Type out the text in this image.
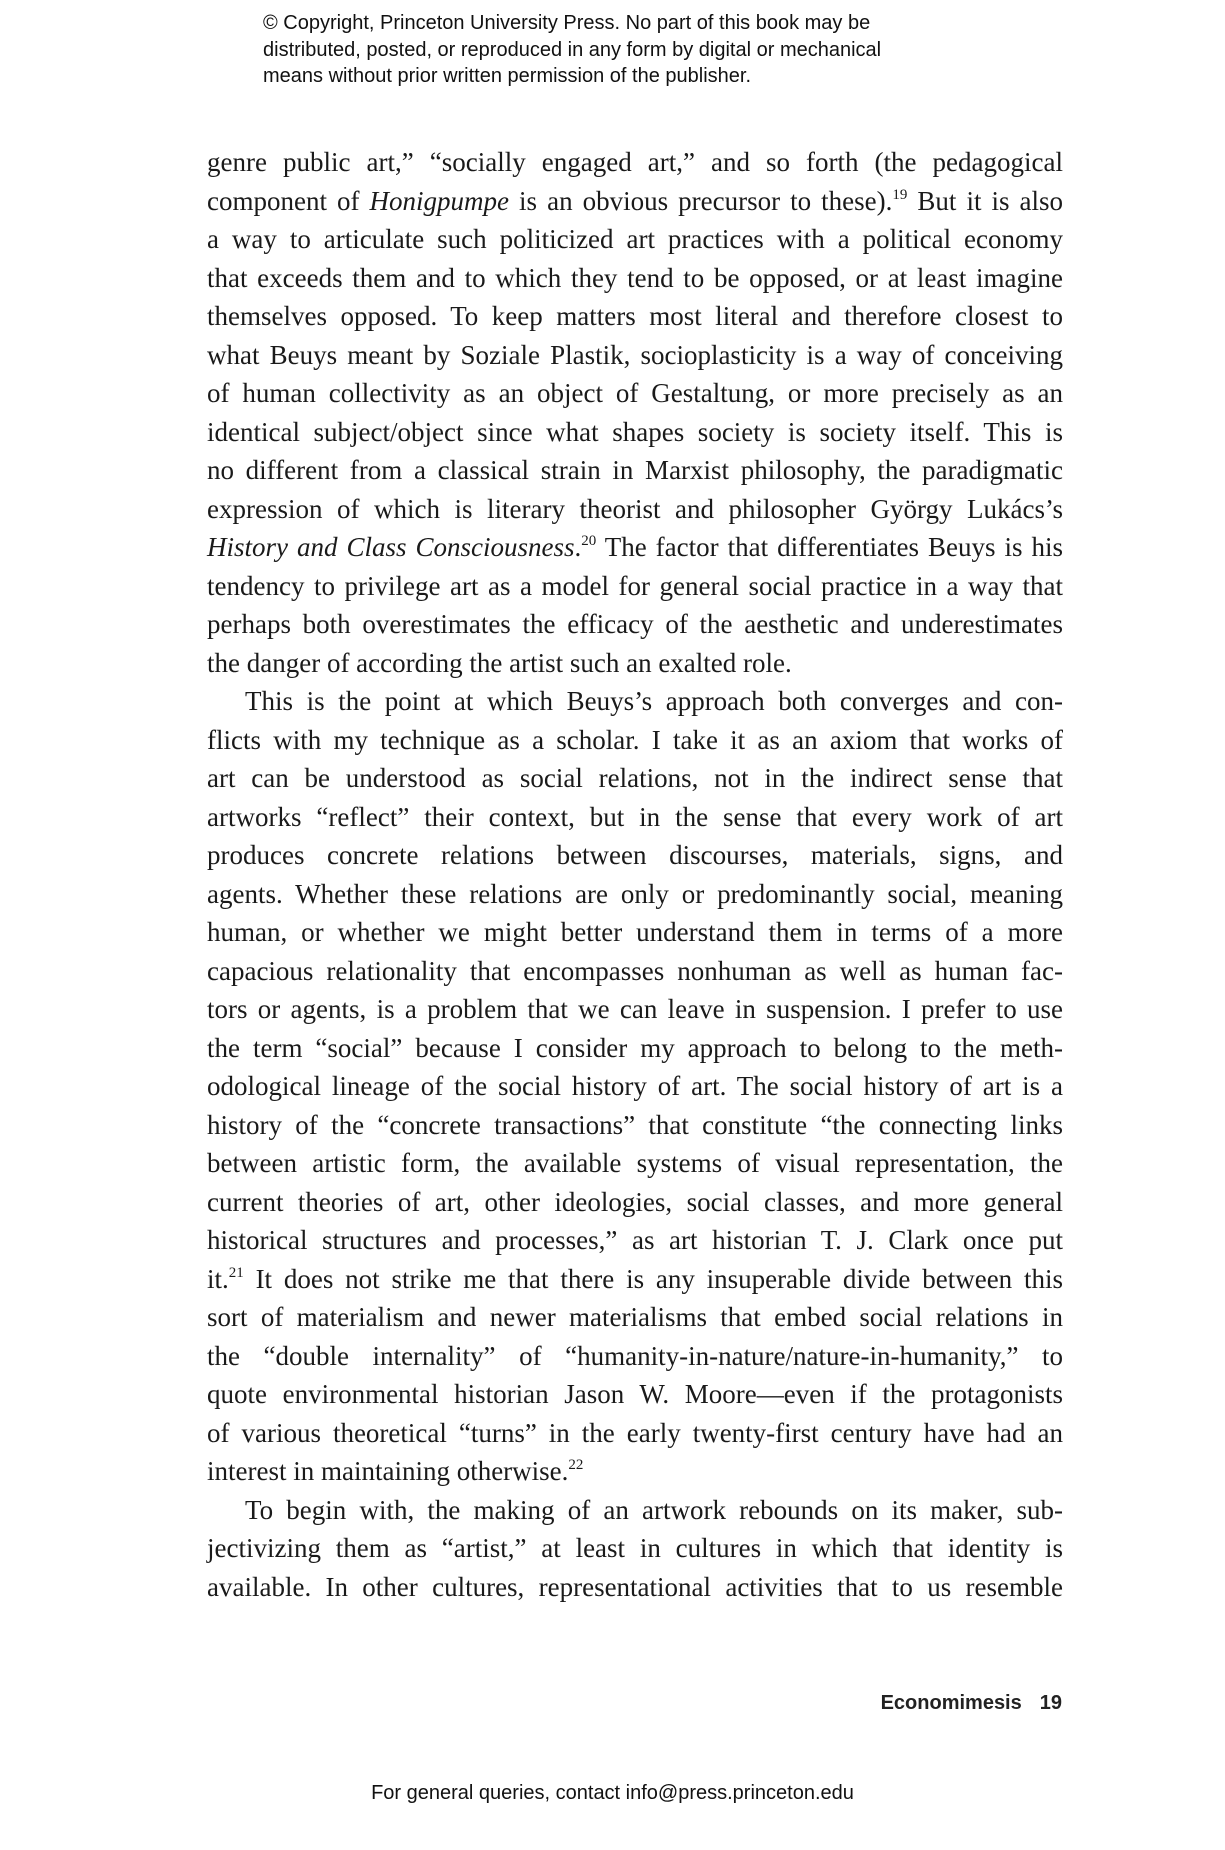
© Copyright, Princeton University Press. No part of this book may be
distributed, posted, or reproduced in any form by digital or mechanical
means without prior written permission of the publisher.
genre public art,” “socially engaged art,” and so forth (the pedagogical
component of Honigpumpe is an obvious precursor to these).$^{19}$ But it is also
a way to articulate such politicized art practices with a political economy
that exceeds them and to which they tend to be opposed, or at least imagine
themselves opposed. To keep matters most literal and therefore closest to
what Beuys meant by Soziale Plastik, socioplasticity is a way of conceiving
of human collectivity as an object of Gestaltung, or more precisely as an
identical subject/object since what shapes society is society itself. This is
no different from a classical strain in Marxist philosophy, the paradigmatic
expression of which is literary theorist and philosopher György Lukács’s
History and Class Consciousness.$^{20}$ The factor that differentiates Beuys is his
tendency to privilege art as a model for general social practice in a way that
perhaps both overestimates the efficacy of the aesthetic and underestimates
the danger of according the artist such an exalted role.
This is the point at which Beuys’s approach both converges and con-
flicts with my technique as a scholar. I take it as an axiom that works of
art can be understood as social relations, not in the indirect sense that
artworks “reflect” their context, but in the sense that every work of art
produces concrete relations between discourses, materials, signs, and
agents. Whether these relations are only or predominantly social, meaning
human, or whether we might better understand them in terms of a more
capacious relationality that encompasses nonhuman as well as human fac-
tors or agents, is a problem that we can leave in suspension. I prefer to use
the term “social” because I consider my approach to belong to the meth-
odological lineage of the social history of art. The social history of art is a
history of the “concrete transactions” that constitute “the connecting links
between artistic form, the available systems of visual representation, the
current theories of art, other ideologies, social classes, and more general
historical structures and processes,” as art historian T. J. Clark once put
it.$^{21}$ It does not strike me that there is any insuperable divide between this
sort of materialism and newer materialisms that embed social relations in
the “double internality” of “humanity-in-nature/nature-in-humanity,” to
quote environmental historian Jason W. Moore—even if the protagonists
of various theoretical “turns” in the early twenty-first century have had an
interest in maintaining otherwise.$^{22}$
To begin with, the making of an artwork rebounds on its maker, sub-
jectivizing them as “artist,” at least in cultures in which that identity is
available. In other cultures, representational activities that to us resemble
Economimesis 19
For general queries, contact info@press.princeton.edu
